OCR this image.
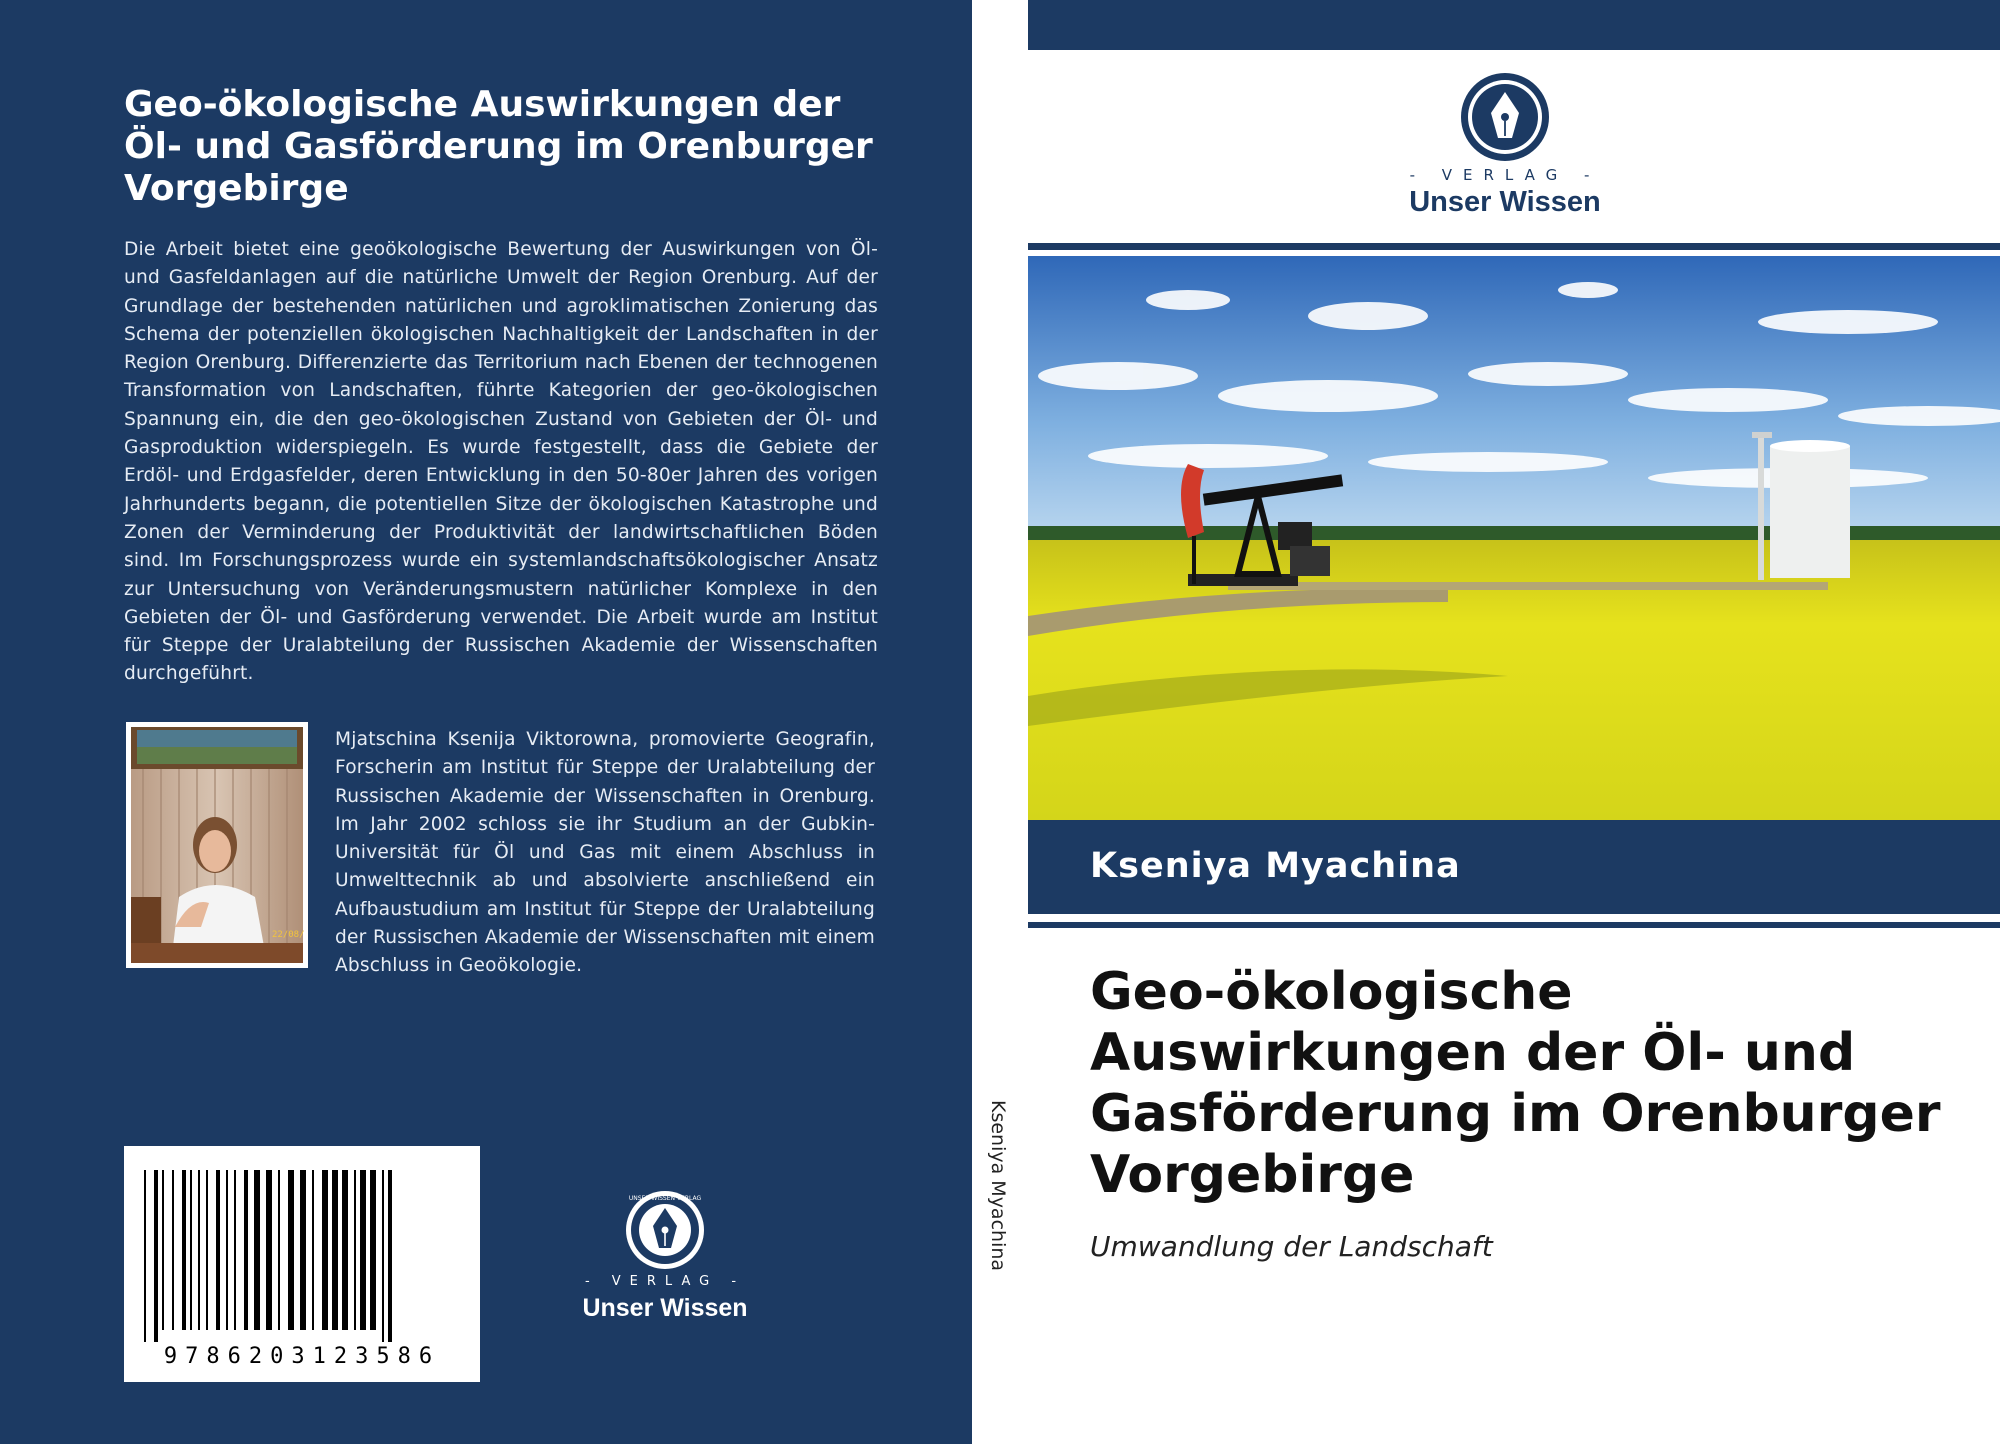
Geo-ökologische Auswirkungen der Öl- und Gasförderung im Orenburger Vorgebirge
Die Arbeit bietet eine geoökologische Bewertung der Auswirkungen von Öl- und Gasfeldanlagen auf die natürliche Umwelt der Region Orenburg. Auf der Grundlage der bestehenden natürlichen und agroklimatischen Zonierung das Schema der potenziellen ökologischen Nachhaltigkeit der Landschaften in der Region Orenburg. Differenzierte das Territorium nach Ebenen der technogenen Transformation von Landschaften, führte Kategorien der geo-ökologischen Spannung ein, die den geo-ökologischen Zustand von Gebieten der Öl- und Gasproduktion widerspiegeln. Es wurde festgestellt, dass die Gebiete der Erdöl- und Erdgasfelder, deren Entwicklung in den 50-80er Jahren des vorigen Jahrhunderts begann, die potentiellen Sitze der ökologischen Katastrophe und Zonen der Verminderung der Produktivität der landwirtschaftlichen Böden sind. Im Forschungsprozess wurde ein systemlandschaftsökologischer Ansatz zur Untersuchung von Veränderungsmustern natürlicher Komplexe in den Gebieten der Öl- und Gasförderung verwendet. Die Arbeit wurde am Institut für Steppe der Uralabteilung der Russischen Akademie der Wissenschaften durchgeführt.
22/08/
Mjatschina Ksenija Viktorowna, promovierte Geografin, Forscherin am Institut für Steppe der Uralabteilung der Russischen Akademie der Wissenschaften in Orenburg. Im Jahr 2002 schloss sie ihr Studium an der Gubkin-Universität für Öl und Gas mit einem Abschluss in Umwelttechnik ab und absolvierte anschließend ein Aufbaustudium am Institut für Steppe der Uralabteilung der Russischen Akademie der Wissenschaften mit einem Abschluss in Geoökologie.
9786203123586
UNSER WISSEN VERLAG
- VERLAG -
Unser Wissen
Kseniya Myachina
- VERLAG -
Unser Wissen
Kseniya Myachina
Geo-ökologische Auswirkungen der Öl- und Gasförderung im Orenburger Vorgebirge
Umwandlung der Landschaft
